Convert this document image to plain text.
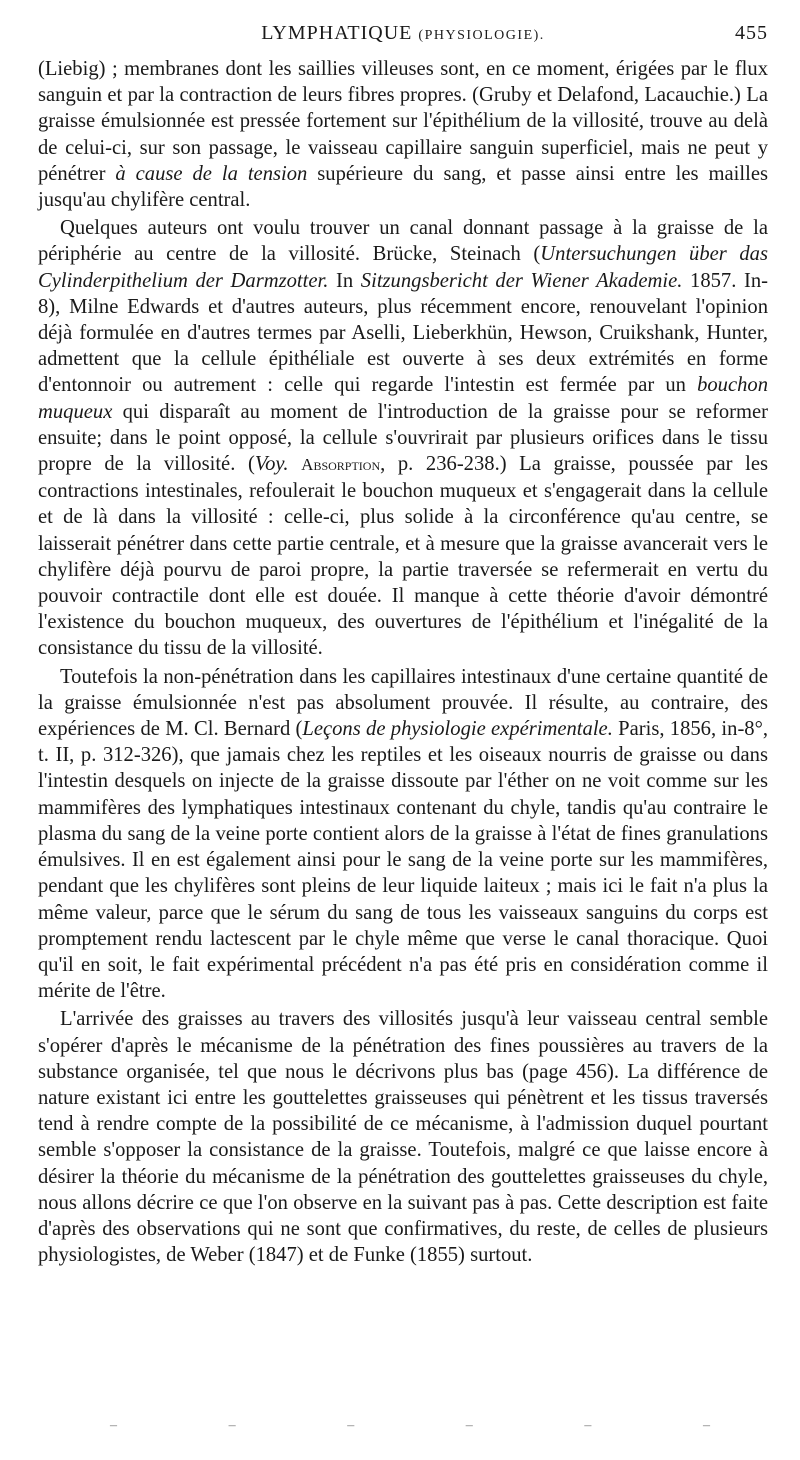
LYMPHATIQUE (PHYSIOLOGIE).	455

(Liebig) ; membranes dont les saillies villeuses sont, en ce moment, érigées par le flux sanguin et par la contraction de leurs fibres propres. (Gruby et Delafond, Lacauchie.) La graisse émulsionnée est pressée fortement sur l'épithélium de la villosité, trouve au delà de celui-ci, sur son passage, le vaisseau capillaire sanguin superficiel, mais ne peut y pénétrer à cause de la tension supérieure du sang, et passe ainsi entre les mailles jusqu'au chylifère central.

Quelques auteurs ont voulu trouver un canal donnant passage à la graisse de la périphérie au centre de la villosité. Brücke, Steinach (Untersuchungen über das Cylinderpithelium der Darmzotter. In Sitzungsbericht der Wiener Akademie. 1857. In-8), Milne Edwards et d'autres auteurs, plus récemment encore, renouvelant l'opinion déjà formulée en d'autres termes par Aselli, Lieberkhün, Hewson, Cruikshank, Hunter, admettent que la cellule épithéliale est ouverte à ses deux extrémités en forme d'entonnoir ou autrement : celle qui regarde l'intestin est fermée par un bouchon muqueux qui disparaît au moment de l'introduction de la graisse pour se reformer ensuite; dans le point opposé, la cellule s'ouvrirait par plusieurs orifices dans le tissu propre de la villosité. (Voy. Absorption, p. 236-238.) La graisse, poussée par les contractions intestinales, refoulerait le bouchon muqueux et s'engagerait dans la cellule et de là dans la villosité : celle-ci, plus solide à la circonférence qu'au centre, se laisserait pénétrer dans cette partie centrale, et à mesure que la graisse avancerait vers le chylifère déjà pourvu de paroi propre, la partie traversée se refermerait en vertu du pouvoir contractile dont elle est douée. Il manque à cette théorie d'avoir démontré l'existence du bouchon muqueux, des ouvertures de l'épithélium et l'inégalité de la consistance du tissu de la villosité.

Toutefois la non-pénétration dans les capillaires intestinaux d'une certaine quantité de la graisse émulsionnée n'est pas absolument prouvée. Il résulte, au contraire, des expériences de M. Cl. Bernard (Leçons de physiologie expérimentale. Paris, 1856, in-8°, t. II, p. 312-326), que jamais chez les reptiles et les oiseaux nourris de graisse ou dans l'intestin desquels on injecte de la graisse dissoute par l'éther on ne voit comme sur les mammifères des lymphatiques intestinaux contenant du chyle, tandis qu'au contraire le plasma du sang de la veine porte contient alors de la graisse à l'état de fines granulations émulsives. Il en est également ainsi pour le sang de la veine porte sur les mammifères, pendant que les chylifères sont pleins de leur liquide laiteux ; mais ici le fait n'a plus la même valeur, parce que le sérum du sang de tous les vaisseaux sanguins du corps est promptement rendu lactescent par le chyle même que verse le canal thoracique. Quoi qu'il en soit, le fait expérimental précédent n'a pas été pris en considération comme il mérite de l'être.

L'arrivée des graisses au travers des villosités jusqu'à leur vaisseau central semble s'opérer d'après le mécanisme de la pénétration des fines poussières au travers de la substance organisée, tel que nous le décrivons plus bas (page 456). La différence de nature existant ici entre les gouttelettes graisseuses qui pénètrent et les tissus traversés tend à rendre compte de la possibilité de ce mécanisme, à l'admission duquel pourtant semble s'opposer la consistance de la graisse. Toutefois, malgré ce que laisse encore à désirer la théorie du mécanisme de la pénétration des gouttelettes graisseuses du chyle, nous allons décrire ce que l'on observe en la suivant pas à pas. Cette description est faite d'après des observations qui ne sont que confirmatives, du reste, de celles de plusieurs physiologistes, de Weber (1847) et de Funke (1855) surtout.

–	–	–	–	–	–
